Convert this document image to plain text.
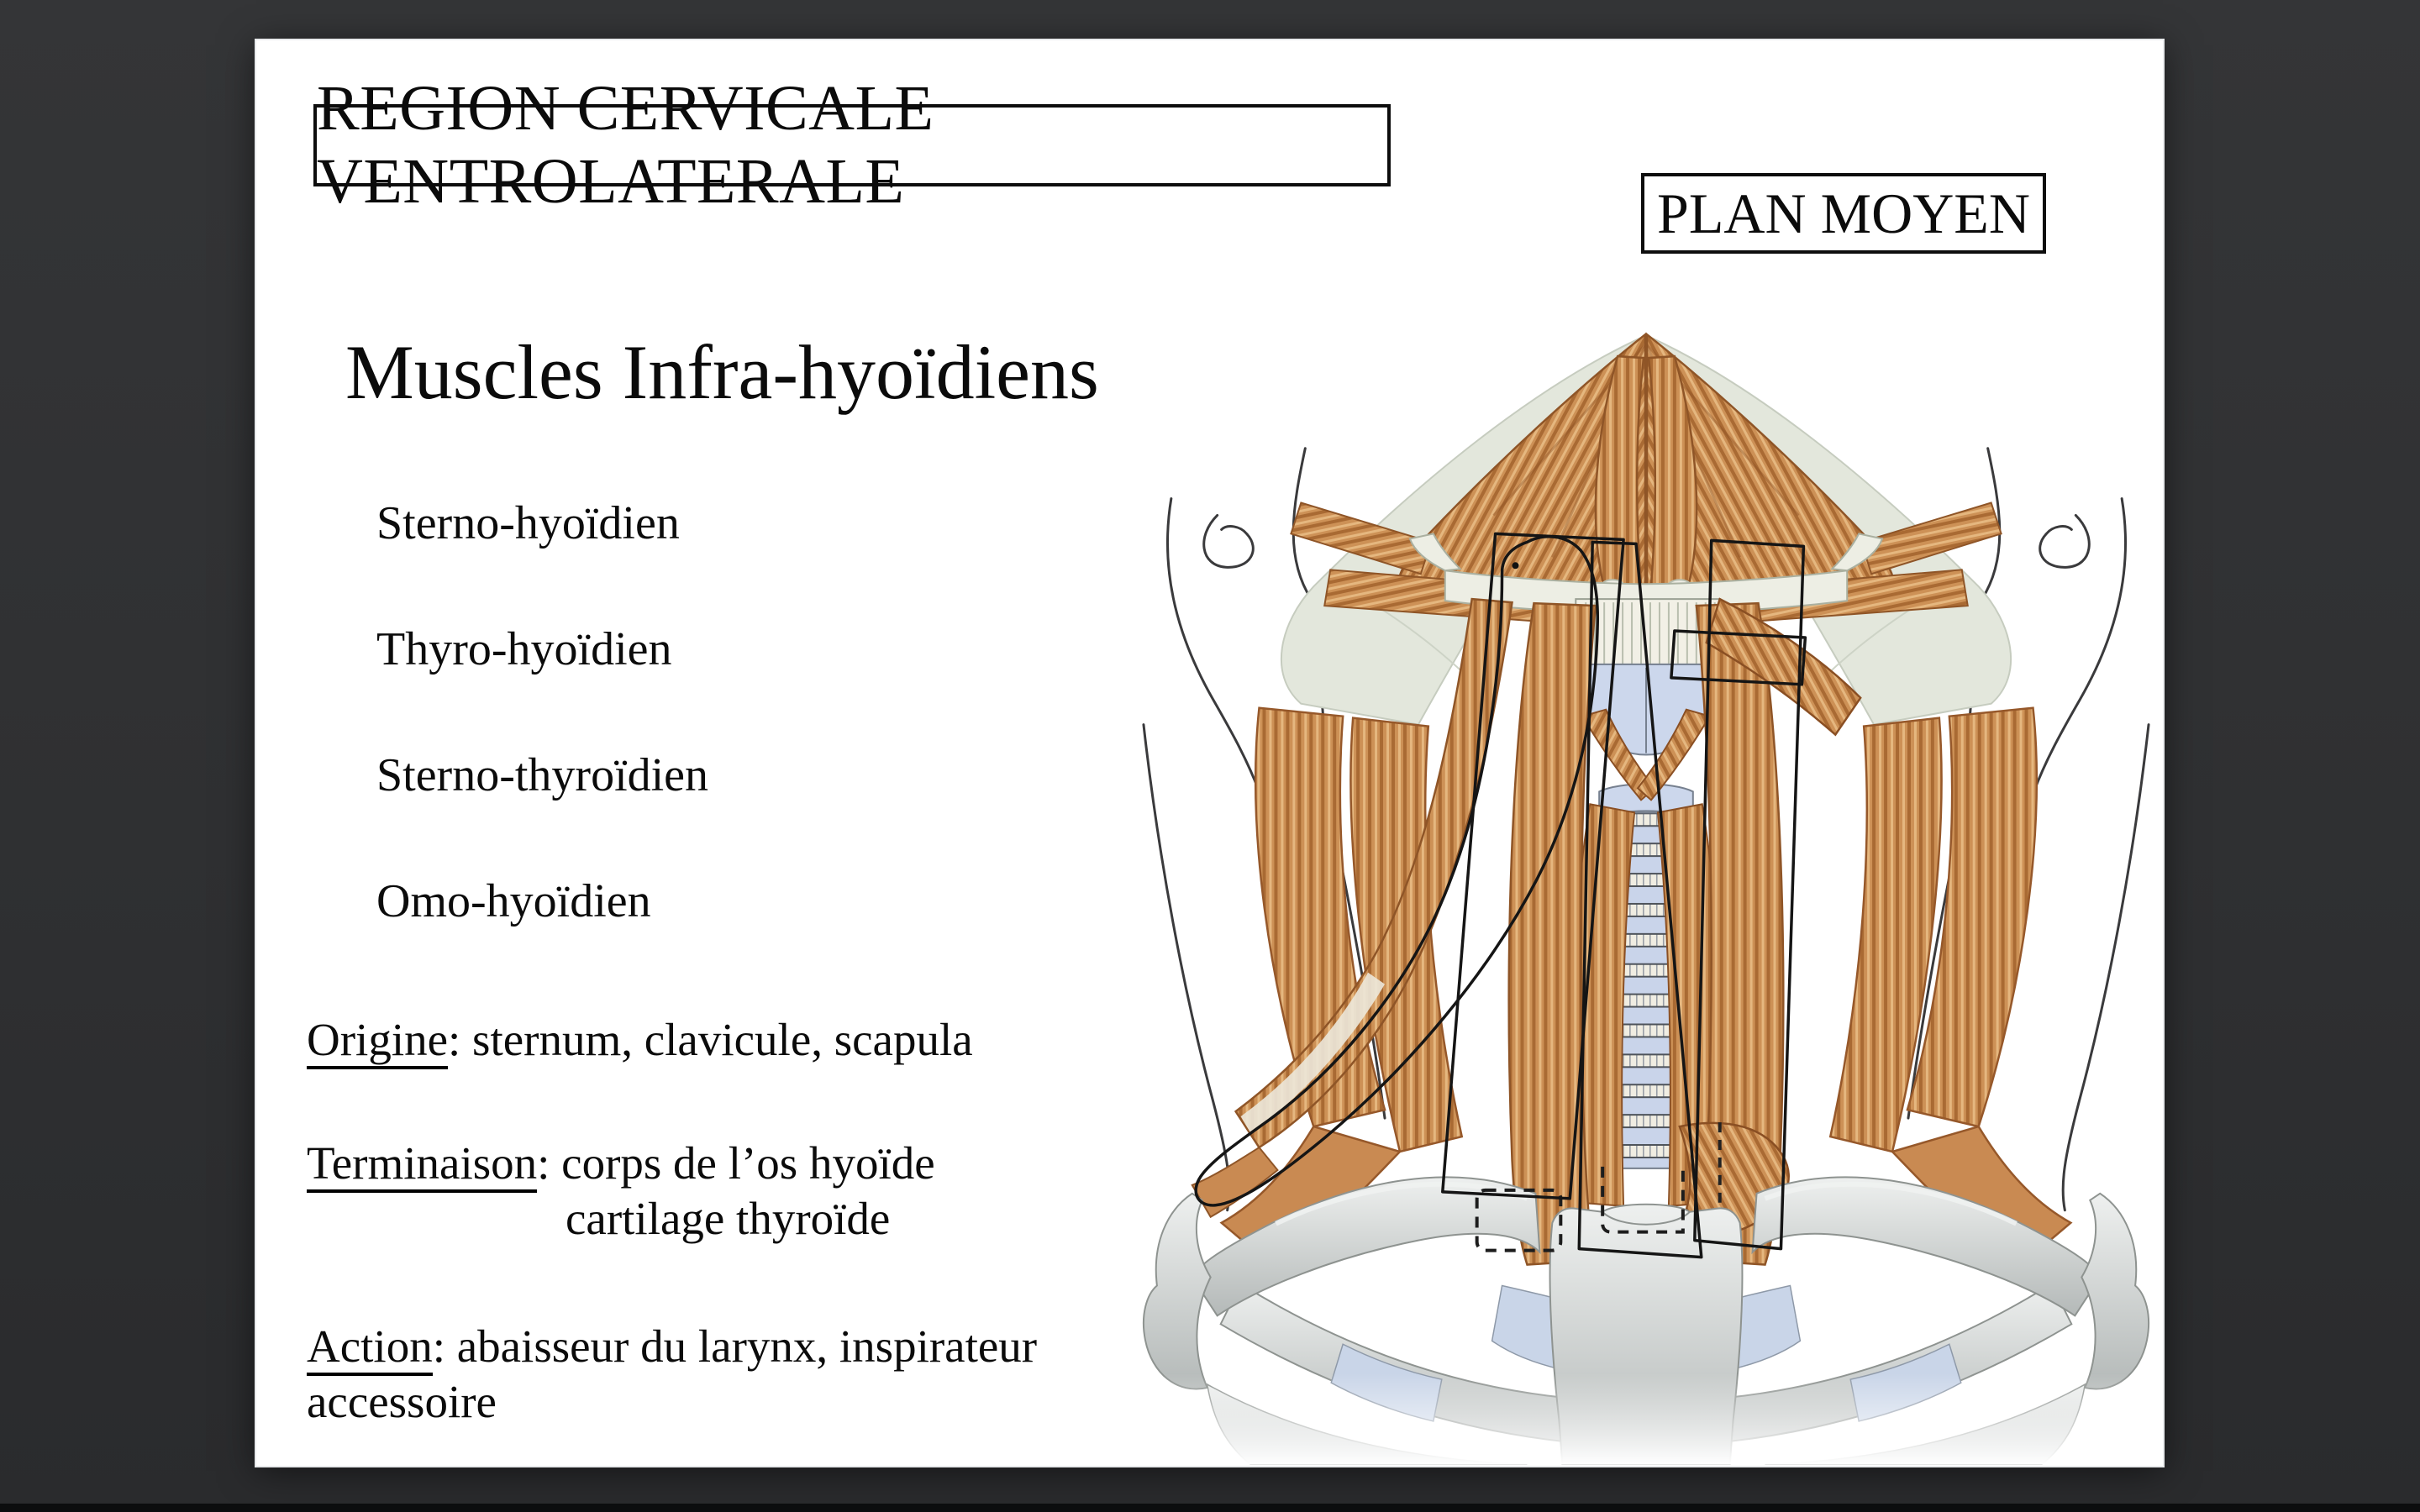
REGION CERVICALE VENTROLATERALE	PLAN MOYEN
Muscles Infra-hyoïdiens
Sterno-hyoïdien
Thyro-hyoïdien
Sterno-thyroïdien
Omo-hyoïdien
Origine: sternum, clavicule, scapula
Terminaison: corps de l’os hyoïde
cartilage thyroïde
Action: abaisseur du larynx, inspirateur
accessoire
